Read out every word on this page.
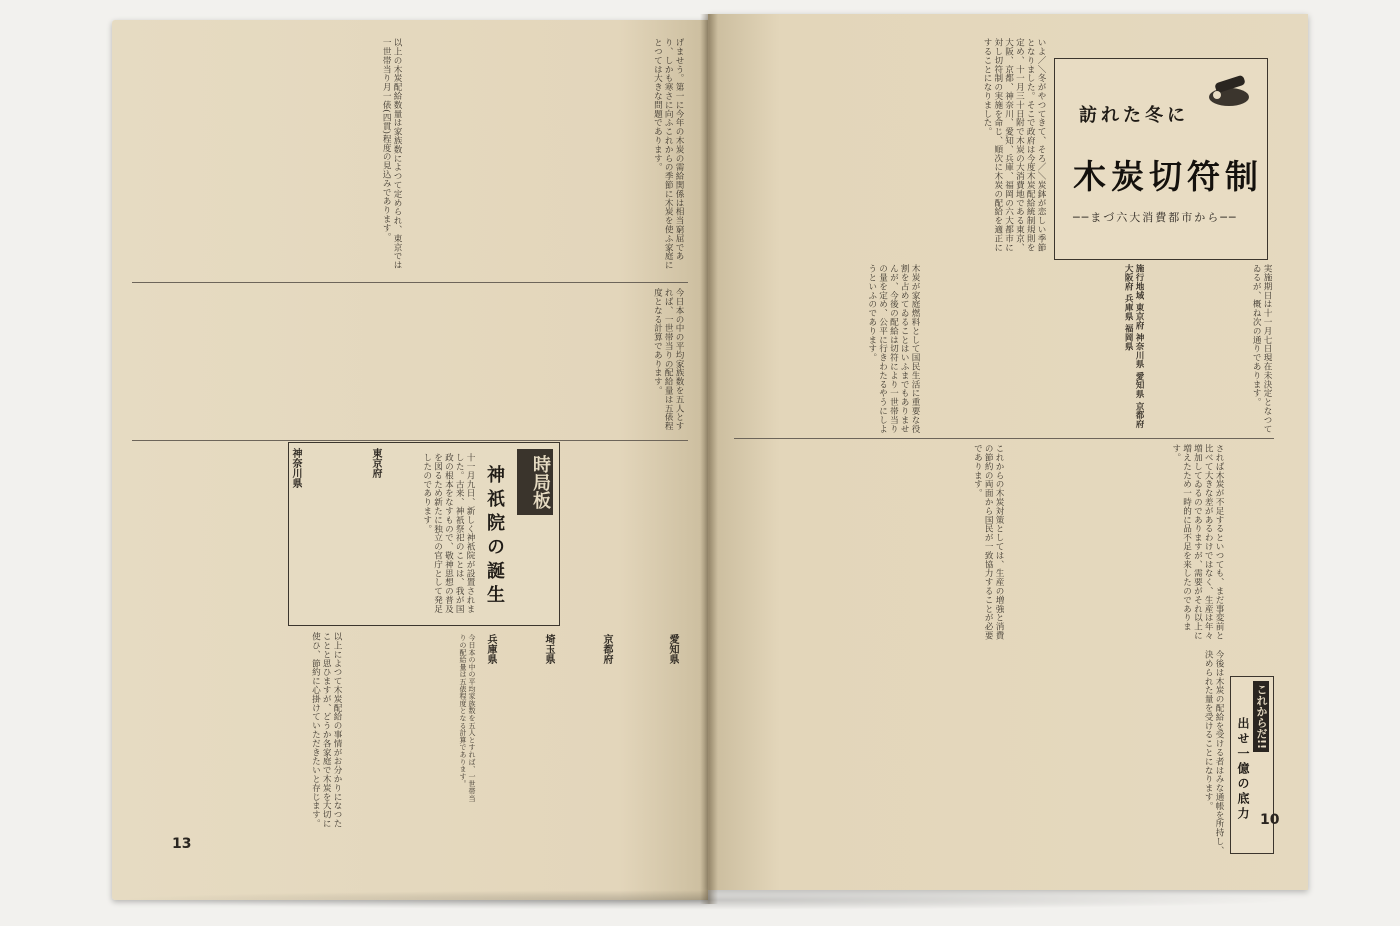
げませう。第一に今年の木炭の需給関係は相当窮屈であり、しかも寒さに向ふこれからの季節に木炭を使ふ家庭にとつては大きな問題であります。
以上の木炭配給数量は家族数によつて定められ、東京では一世帯当り月一俵(四貫)程度の見込みであります。
今日本の中の平均家族数を五人とすれば、一世帯当りの配給量は五俵程度となる計算であります。
時局板
神祇院の誕生
十一月九日、新しく神祇院が設置されました。古来、神祇祭祀のことは、我が国政の根本をなすもので、敬神思想の普及を図るため新たに独立の官庁として発足したのであります。
愛知県
京都府
埼玉県
兵庫県
今日本の中の平均家族数を五人とすれば、一世帯当りの配給量は五俵程度となる計算であります。
東京府
神奈川県
以上によつて木炭配給の事情がお分かりになつたことと思ひますが、どうか各家庭で木炭を大切に使ひ、節約に心掛けていただきたいと存じます。
13
訪れた冬に
木炭切符制
──まづ六大消費都市から──
いよ／＼冬がやつてきて、そろ／＼炭鉢が恋しい季節となりました。そこで政府は今度木炭配給統制規則を定め、十一月三十日附で木炭の大消費地である東京、大阪、京都、神奈川、愛知、兵庫、福岡の六大都市に対し切符制の実施を命じ、順次に木炭の配給を適正にすることになりました。
実施期日は十一月七日現在未決定となつてゐるが、概ね次の通りであります。
施行地域 東京府 神奈川県 愛知県 京都府 大阪府 兵庫県 福岡県
木炭が家庭燃料として国民生活に重要な役割を占めてゐることはいふまでもありませんが、今後の配給は切符により一世帯当りの量を定め、公平に行きわたるやうにしようといふのであります。
されば木炭が不足するといつても、まだ事変前と比べて大きな差があるわけではなく、生産は年々増加してゐるのでありますが、需要がそれ以上に増えたため一時的に品不足を来したのであります。
これからの木炭対策としては、生産の増強と消費の節約の両面から国民が一致協力することが必要であります。
これからだ!!
出せ一億の底力
今後は木炭の配給を受ける者はみな通帳を所持し、決められた量を受けることになります。
10
